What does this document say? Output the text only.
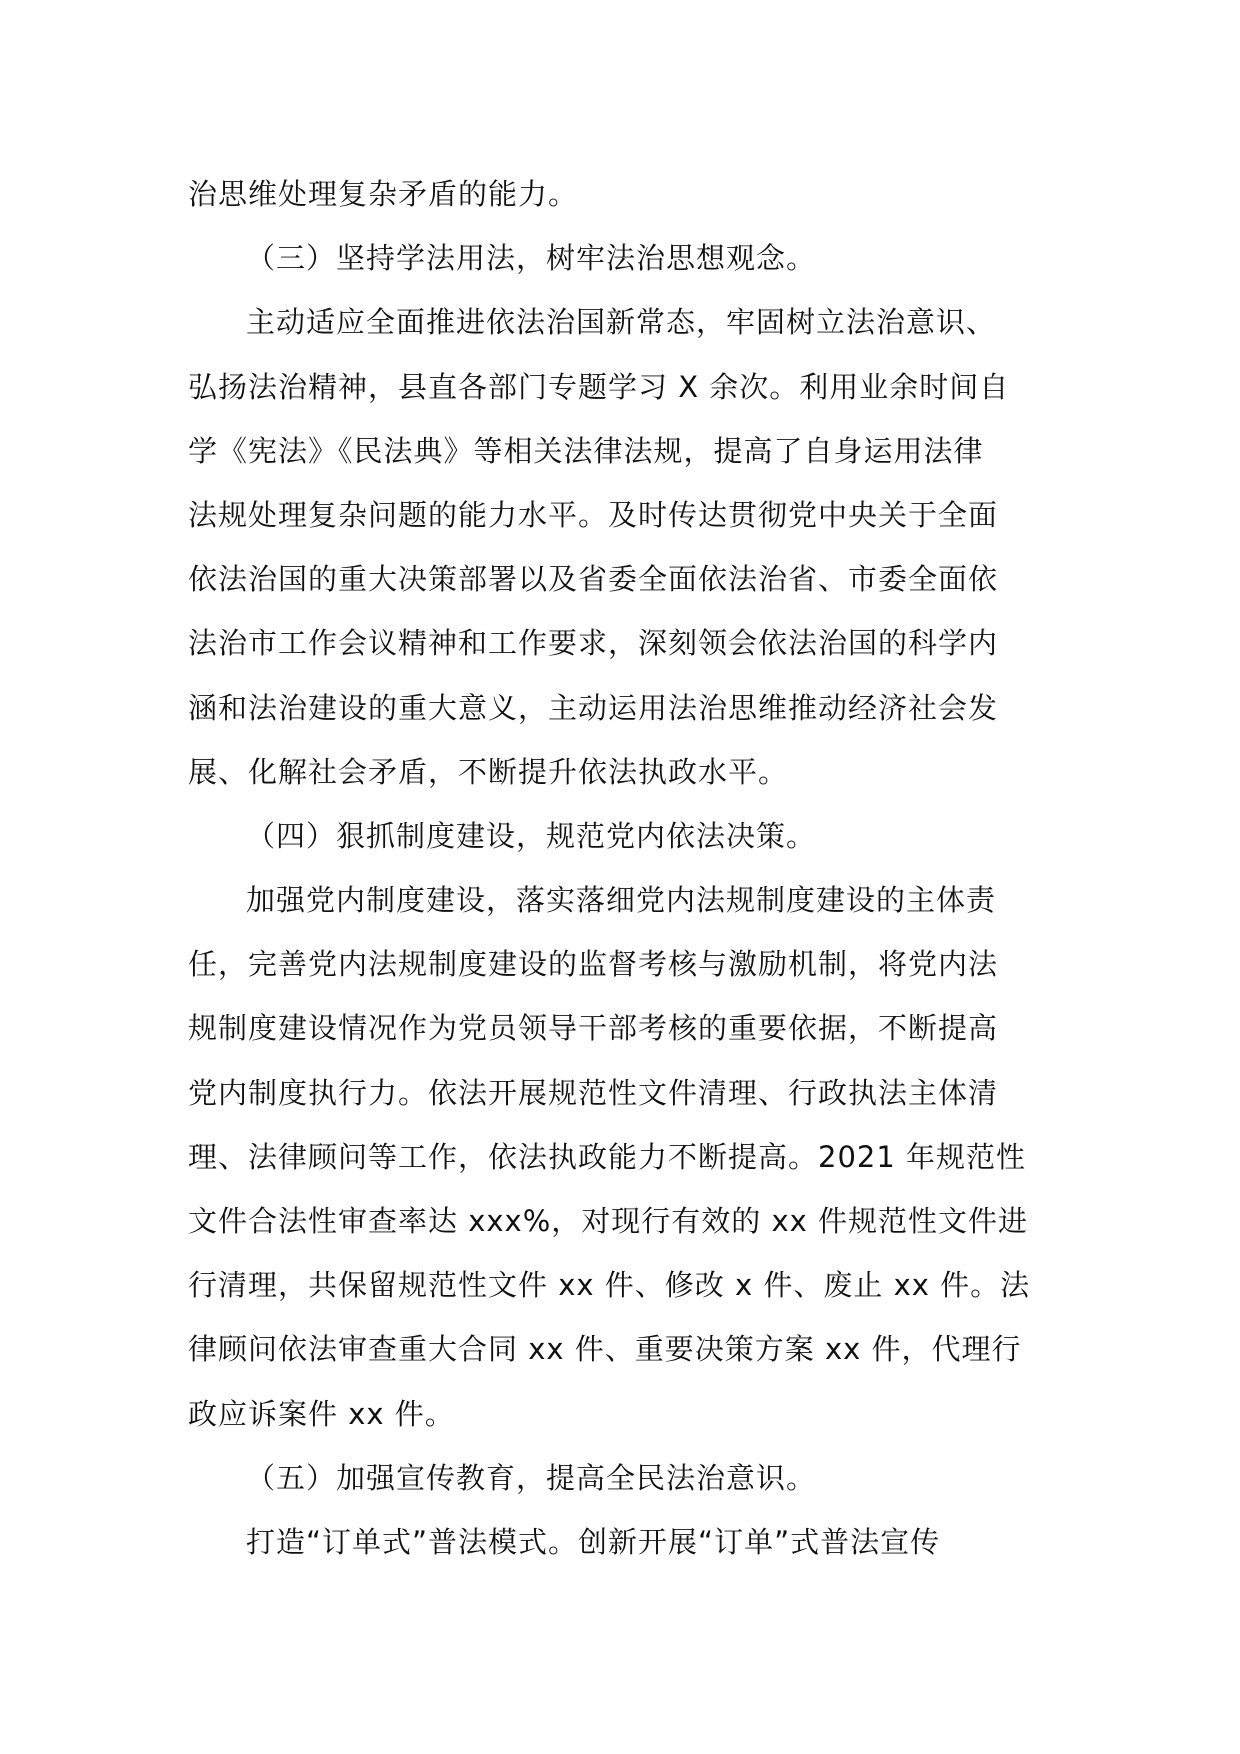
治思维处理复杂矛盾的能力。
（三）坚持学法用法，树牢法治思想观念。
主动适应全面推进依法治国新常态，牢固树立法治意识、
弘扬法治精神，县直各部门专题学习 X 余次。利用业余时间自
学《宪法》《民法典》等相关法律法规，提高了自身运用法律
法规处理复杂问题的能力水平。及时传达贯彻党中央关于全面
依法治国的重大决策部署以及省委全面依法治省、市委全面依
法治市工作会议精神和工作要求，深刻领会依法治国的科学内
涵和法治建设的重大意义，主动运用法治思维推动经济社会发
展、化解社会矛盾，不断提升依法执政水平。
（四）狠抓制度建设，规范党内依法决策。
加强党内制度建设，落实落细党内法规制度建设的主体责
任，完善党内法规制度建设的监督考核与激励机制，将党内法
规制度建设情况作为党员领导干部考核的重要依据，不断提高
党内制度执行力。依法开展规范性文件清理、行政执法主体清
理、法律顾问等工作，依法执政能力不断提高。2021 年规范性
文件合法性审查率达 xxx%，对现行有效的 xx 件规范性文件进
行清理，共保留规范性文件 xx 件、修改 x 件、废止 xx 件。法
律顾问依法审查重大合同 xx 件、重要决策方案 xx 件，代理行
政应诉案件 xx 件。
（五）加强宣传教育，提高全民法治意识。
打造“订单式”普法模式。创新开展“订单”式普法宣传
